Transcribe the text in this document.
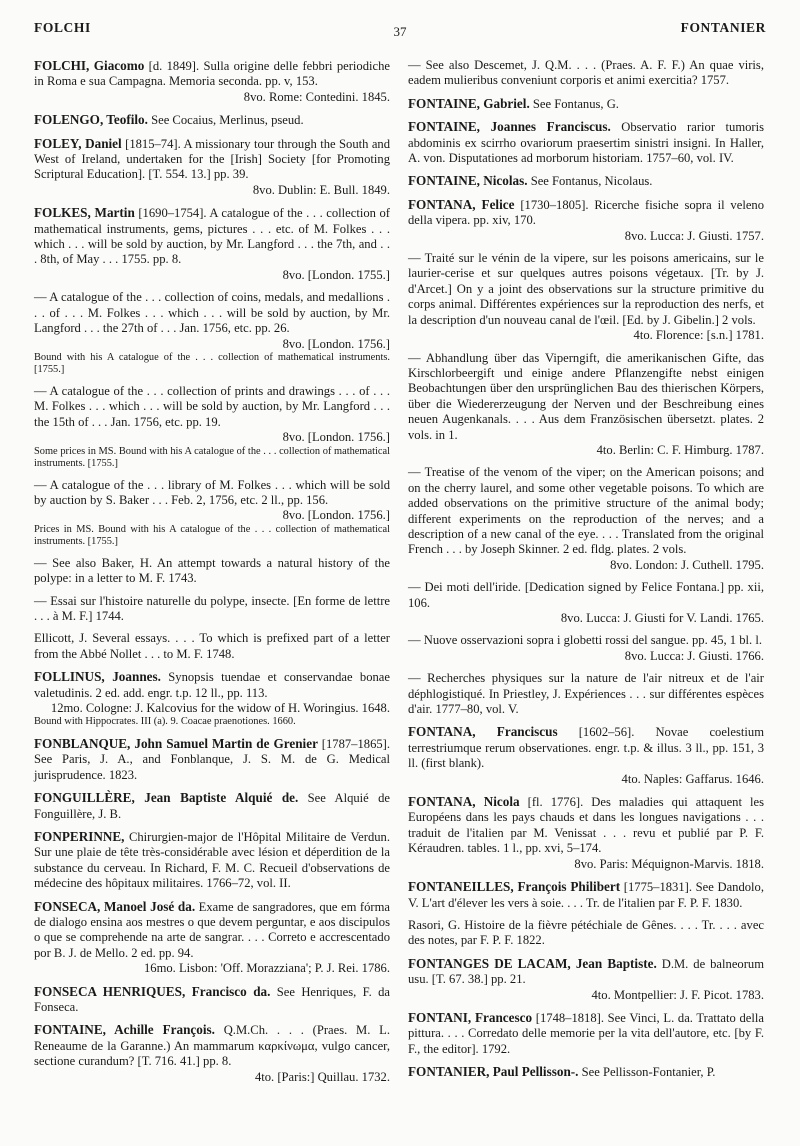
FOLCHI	37	FONTANIER

FOLCHI, Giacomo [d. 1849]. Sulla origine delle febbri periodiche in Roma e sua Campagna. Memoria seconda. pp. v, 153.

8vo. Rome: Contedini. 1845.

FOLENGO, Teofilo. See Cocaius, Merlinus, pseud.

FOLEY, Daniel [1815–74]. A missionary tour through the South and West of Ireland, undertaken for the [Irish] Society [for Promoting Scriptural Education]. [T. 554. 13.] pp. 39.

8vo. Dublin: E. Bull. 1849.

FOLKES, Martin [1690–1754]. A catalogue of the . . . collection of mathematical instruments, gems, pictures . . . etc. of M. Folkes . . . which . . . will be sold by auction, by Mr. Langford . . . the 7th, and . . . 8th, of May . . . 1755. pp. 8.

8vo. [London. 1755.]

— A catalogue of the . . . collection of coins, medals, and medallions . . . of . . . M. Folkes . . . which . . . will be sold by auction, by Mr. Langford . . . the 27th of . . . Jan. 1756, etc. pp. 26.

8vo. [London. 1756.]

Bound with his A catalogue of the . . . collection of mathematical instruments. [1755.]

— A catalogue of the . . . collection of prints and drawings . . . of . . . M. Folkes . . . which . . . will be sold by auction, by Mr. Langford . . . the 15th of . . . Jan. 1756, etc. pp. 19.

8vo. [London. 1756.]

Some prices in MS. Bound with his A catalogue of the . . . collection of mathematical instruments. [1755.]

— A catalogue of the . . . library of M. Folkes . . . which will be sold by auction by S. Baker . . . Feb. 2, 1756, etc. 2 ll., pp. 156.

8vo. [London. 1756.]

Prices in MS. Bound with his A catalogue of the . . . collection of mathematical instruments. [1755.]

— See also Baker, H. An attempt towards a natural history of the polype: in a letter to M. F. 1743.

— Essai sur l'histoire naturelle du polype, insecte. [En forme de lettre . . . à M. F.] 1744.

Ellicott, J. Several essays. . . . To which is prefixed part of a letter from the Abbé Nollet . . . to M. F. 1748.

FOLLINUS, Joannes. Synopsis tuendae et conservandae bonae valetudinis. 2 ed. add. engr. t.p. 12 ll., pp. 113.

12mo. Cologne: J. Kalcovius for the widow of H. Woringius. 1648.

Bound with Hippocrates. III (a). 9. Coacae praenotiones. 1660.

FONBLANQUE, John Samuel Martin de Grenier [1787–1865]. See Paris, J. A., and Fonblanque, J. S. M. de G. Medical jurisprudence. 1823.

FONGUILLÈRE, Jean Baptiste Alquié de. See Alquié de Fonguillère, J. B.

FONPERINNE, Chirurgien-major de l'Hôpital Militaire de Verdun. Sur une plaie de tête très-considérable avec lésion et déperdition de la substance du cerveau. In Richard, F. M. C. Recueil d'observations de médecine des hôpitaux militaires. 1766–72, vol. II.

FONSECA, Manoel José da. Exame de sangradores, que em fórma de dialogo ensina aos mestres o que devem perguntar, e aos discipulos o que se comprehende na arte de sangrar. . . . Correto e accrescentado por B. J. de Mello. 2 ed. pp. 94.

16mo. Lisbon: 'Off. Morazziana'; P. J. Rei. 1786.

FONSECA HENRIQUES, Francisco da. See Henriques, F. da Fonseca.

FONTAINE, Achille François. Q.M.Ch. . . . (Praes. M. L. Reneaume de la Garanne.) An mammarum καρκίνωμα, vulgo cancer, sectione curandum? [T. 716. 41.] pp. 8.

4to. [Paris:] Quillau. 1732.

— See also Descemet, J. Q.M. . . . (Praes. A. F. F.) An quae viris, eadem mulieribus conveniunt corporis et animi exercitia? 1757.

FONTAINE, Gabriel. See Fontanus, G.

FONTAINE, Joannes Franciscus. Observatio rarior tumoris abdominis ex scirrho ovariorum praesertim sinistri insigni. In Haller, A. von. Disputationes ad morborum historiam. 1757–60, vol. IV.

FONTAINE, Nicolas. See Fontanus, Nicolaus.

FONTANA, Felice [1730–1805]. Ricerche fisiche sopra il veleno della vipera. pp. xiv, 170.

8vo. Lucca: J. Giusti. 1757.

— Traité sur le vénin de la vipere, sur les poisons americains, sur le laurier-cerise et sur quelques autres poisons végetaux. [Tr. by J. d'Arcet.] On y a joint des observations sur la structure primitive du corps animal. Différentes expériences sur la reproduction des nerfs, et la description d'un nouveau canal de l'œil. [Ed. by J. Gibelin.] 2 vols.

4to. Florence: [s.n.] 1781.

— Abhandlung über das Viperngift, die amerikanischen Gifte, das Kirschlorbeergift und einige andere Pflanzengifte nebst einigen Beobachtungen über den ursprünglichen Bau des thierischen Körpers, über die Wiedererzeugung der Nerven und der Beschreibung eines neuen Augenkanals. . . . Aus dem Französischen übersetzt. plates. 2 vols. in 1.

4to. Berlin: C. F. Himburg. 1787.

— Treatise of the venom of the viper; on the American poisons; and on the cherry laurel, and some other vegetable poisons. To which are added observations on the primitive structure of the animal body; different experiments on the reproduction of the nerves; and a description of a new canal of the eye. . . . Translated from the original French . . . by Joseph Skinner. 2 ed. fldg. plates. 2 vols.

8vo. London: J. Cuthell. 1795.

— Dei moti dell'iride. [Dedication signed by Felice Fontana.] pp. xii, 106.

8vo. Lucca: J. Giusti for V. Landi. 1765.

— Nuove osservazioni sopra i globetti rossi del sangue. pp. 45, 1 bl. l.

8vo. Lucca: J. Giusti. 1766.

— Recherches physiques sur la nature de l'air nitreux et de l'air déphlogistiqué. In Priestley, J. Expériences . . . sur différentes espèces d'air. 1777–80, vol. V.

FONTANA, Franciscus [1602–56]. Novae coelestium terrestriumque rerum observationes. engr. t.p. & illus. 3 ll., pp. 151, 3 ll. (first blank).

4to. Naples: Gaffarus. 1646.

FONTANA, Nicola [fl. 1776]. Des maladies qui attaquent les Européens dans les pays chauds et dans les longues navigations . . . traduit de l'italien par M. Venissat . . . revu et publié par P. F. Kéraudren. tables. 1 l., pp. xvi, 5–174.

8vo. Paris: Méquignon-Marvis. 1818.

FONTANEILLES, François Philibert [1775–1831]. See Dandolo, V. L'art d'élever les vers à soie. . . . Tr. de l'italien par F. P. F. 1830.

Rasori, G. Histoire de la fièvre pétéchiale de Gênes. . . . Tr. . . . avec des notes, par F. P. F. 1822.

FONTANGES DE LACAM, Jean Baptiste. D.M. de balneorum usu. [T. 67. 38.] pp. 21.

4to. Montpellier: J. F. Picot. 1783.

FONTANI, Francesco [1748–1818]. See Vinci, L. da. Trattato della pittura. . . . Corredato delle memorie per la vita dell'autore, etc. [by F. F., the editor]. 1792.

FONTANIER, Paul Pellisson-. See Pellisson-Fontanier, P.
